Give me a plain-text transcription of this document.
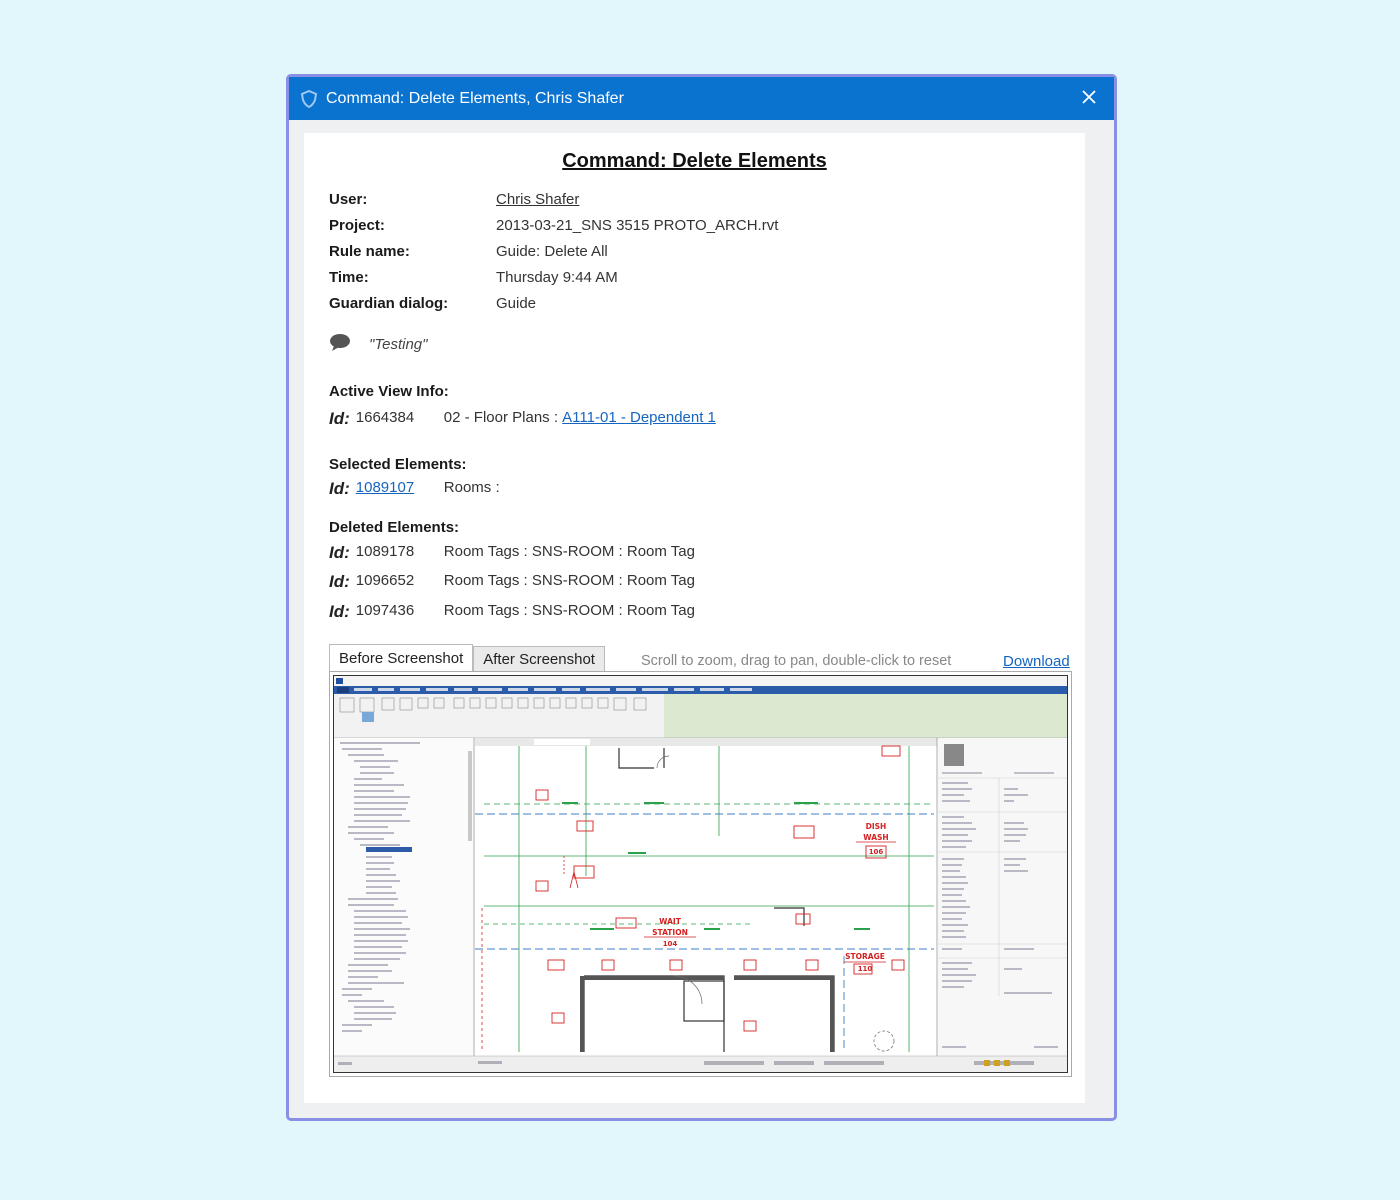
Command: Delete Elements, Chris Shafer
Command: Delete Elements
User:	Chris Shafer
Project:	2013-03-21_SNS 3515 PROTO_ARCH.rvt
Rule name:	Guide: Delete All
Time:	Thursday 9:44 AM
Guardian dialog:	Guide
"Testing"
Active View Info:
Id: 1664384	02 - Floor Plans : A111-01 - Dependent 1
Selected Elements:
Id: 1089107	Rooms :
Deleted Elements:
Id: 1089178	Room Tags : SNS-ROOM : Room Tag
Id: 1096652	Room Tags : SNS-ROOM : Room Tag
Id: 1097436	Room Tags : SNS-ROOM : Room Tag
Before Screenshot	After Screenshot	Scroll to zoom, drag to pan, double-click to reset	Download
DISH
WASH
106
WAIT
STATION
104
STORAGE
110
